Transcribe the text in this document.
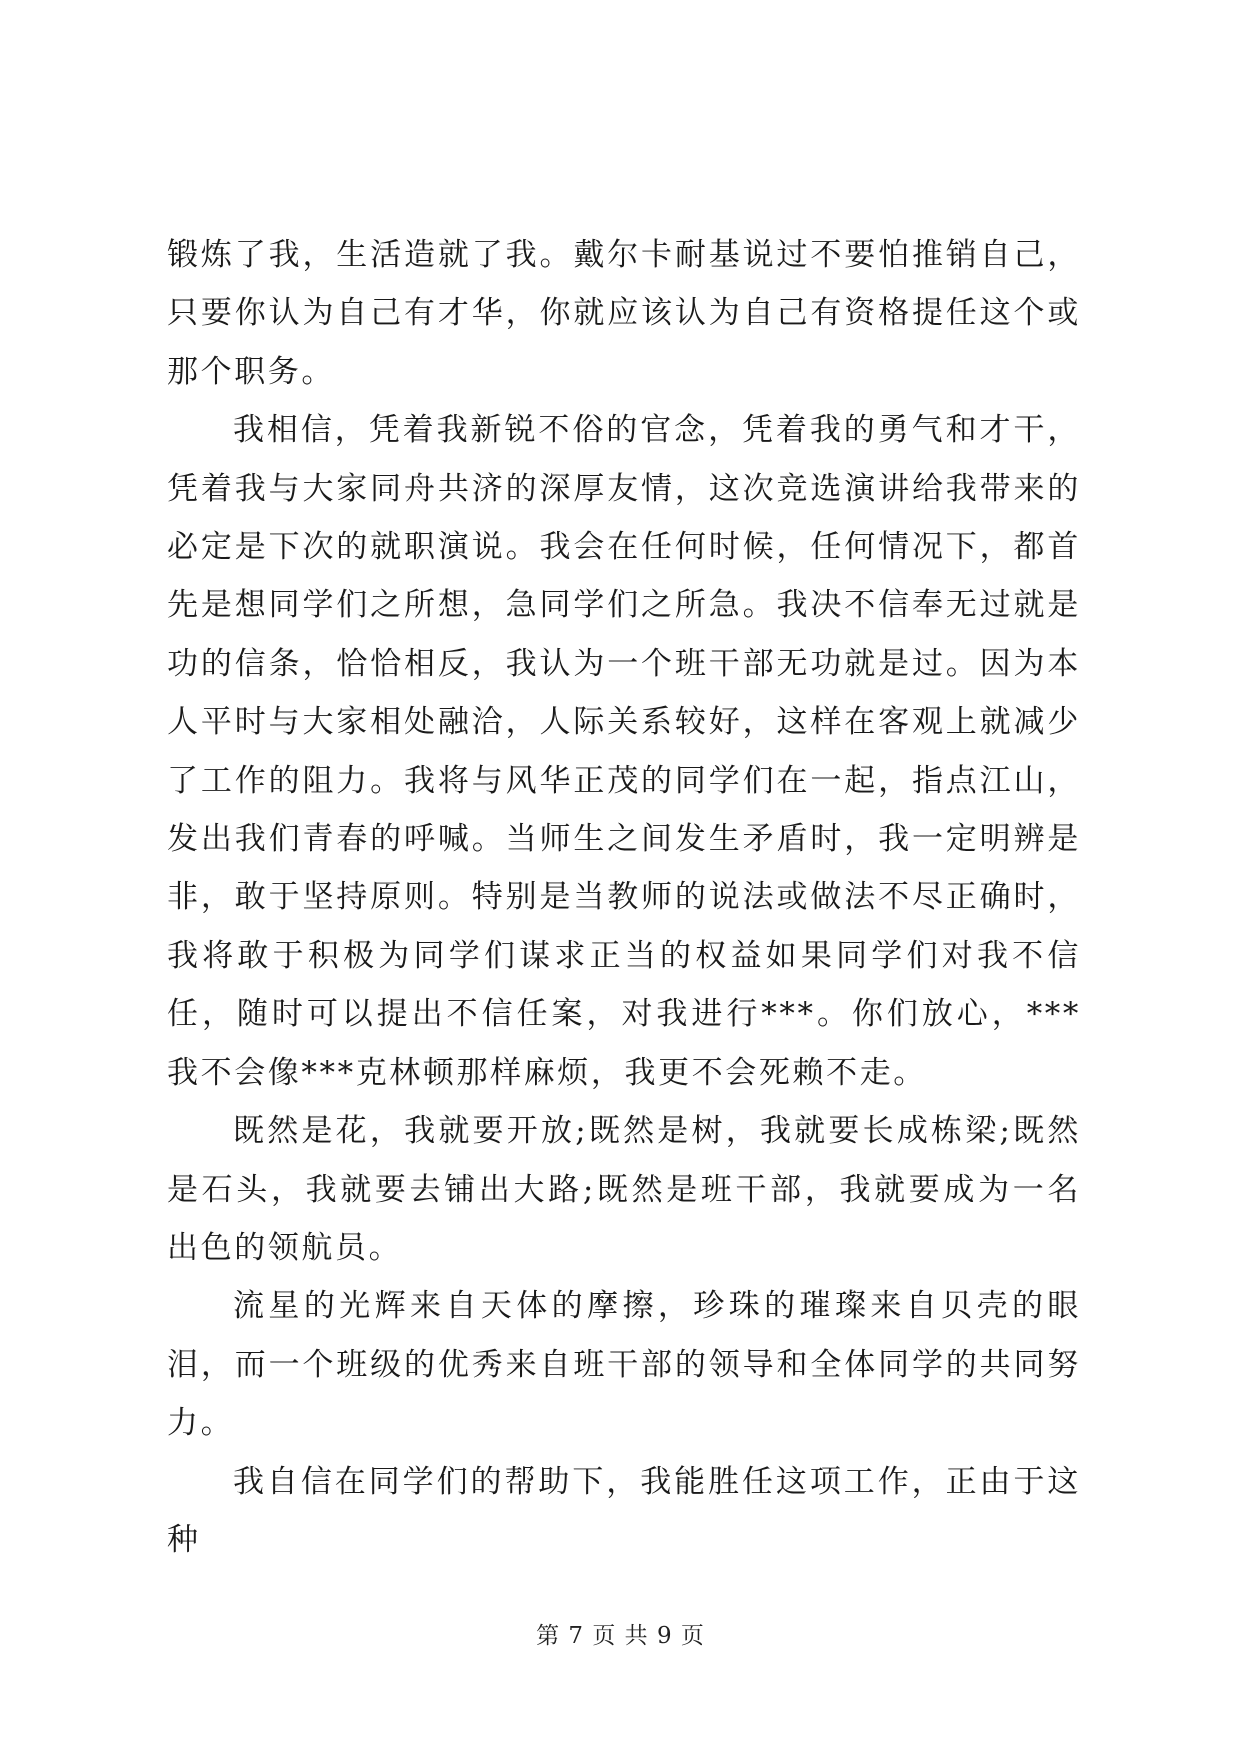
锻炼了我，生活造就了我。戴尔卡耐基说过不要怕推销自己，只要你认为自己有才华，你就应该认为自己有资格提任这个或那个职务。

我相信，凭着我新锐不俗的官念，凭着我的勇气和才干，凭着我与大家同舟共济的深厚友情，这次竞选演讲给我带来的必定是下次的就职演说。我会在任何时候，任何情况下，都首先是想同学们之所想，急同学们之所急。我决不信奉无过就是功的信条，恰恰相反，我认为一个班干部无功就是过。因为本人平时与大家相处融洽，人际关系较好，这样在客观上就减少了工作的阻力。我将与风华正茂的同学们在一起，指点江山，发出我们青春的呼喊。当师生之间发生矛盾时，我一定明辨是非，敢于坚持原则。特别是当教师的说法或做法不尽正确时，我将敢于积极为同学们谋求正当的权益如果同学们对我不信任，随时可以提出不信任案，对我进行***。你们放心，***我不会像***克林顿那样麻烦，我更不会死赖不走。

既然是花，我就要开放;既然是树，我就要长成栋梁;既然是石头，我就要去铺出大路;既然是班干部，我就要成为一名出色的领航员。

流星的光辉来自天体的摩擦，珍珠的璀璨来自贝壳的眼泪，而一个班级的优秀来自班干部的领导和全体同学的共同努力。

我自信在同学们的帮助下，我能胜任这项工作，正由于这种

第 7 页 共 9 页
